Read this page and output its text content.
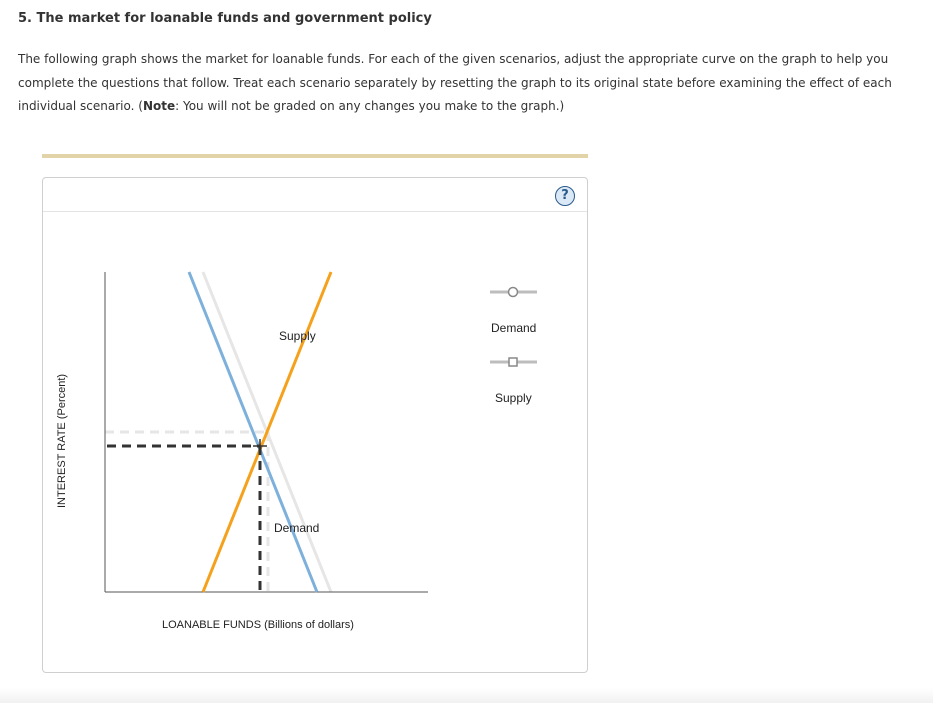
5. The market for loanable funds and government policy
The following graph shows the market for loanable funds. For each of the given scenarios, adjust the appropriate curve on the graph to help you complete the questions that follow. Treat each scenario separately by resetting the graph to its original state before examining the effect of each individual scenario. (Note: You will not be graded on any changes you make to the graph.)
?
Supply
Demand
Demand
Supply
INTEREST RATE (Percent)
LOANABLE FUNDS (Billions of dollars)
